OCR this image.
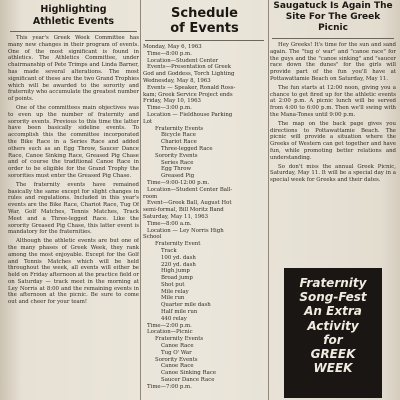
Highlighting
Athletic Events

This year's Greek Week Committee has many new changes in their program of events. One of the most significant is found in athletics. The Athletics Committee, under chairmanship of Pete Trimps and Linda Barner, has made several alterations. The most significant of these are the two Grand Trophies which will be awarded to the sorority and fraternity who accumulate the greatest number of points.

One of the committees main objectives was to even up the number of fraternity and sorority events. Previous to this time the latter have been basically sideline events. To accomplish this the committee incorporated the Bike Race in a Series Race and added others such as an Egg Throw, Saucer Dance Race, Canoe Sinking Race, Greased Pig Chase and of course the traditional Canoe Race in order to be eligible for the Grand Trophy the sororities must enter the Greased Pig Chase.

The fraternity events have remained basically the same except for slight changes in rules and regulations. Included in this year's events are the Bike Race, Chariot Race, Tug Of War, Golf Matches, Tennis Matches, Track Meet and a Three-legged Race. Like the sorority Greased Pig Chase, this latter event is mandatory for the fraternities.

Although the athletic events are but one of the many phases of Greek Week, they rank among the most enjoyable. Except for the Golf and Tennis Matches which will be held throughout the week, all events will either be held on Friday afternoon at the practice field or on Saturday — track meet in the morning at Ley Norris at 8:00 and the remaining events in the afternoon at the picnic. Be sure to come out and cheer for your team!

Schedule
of Events
Monday, May 6, 1963
Time—8:00 p.m.
Location—Student Center
Events—Presentation of Greek
God and Goddess, Torch Lighting
Wednesday, May 8, 1963
Events — Speaker, Ronald Ross-
kam; Greek Service Project ends
Friday, May 10, 1963
Time—3:00 p.m.
Location — Fieldhouse Parking
Lot
Fraternity Events
Bicycle Race
Chariot Race
Three-legged Race
Sorority Events
Series Race
Egg Throw
Greased Pig
Time—9:00-12:00 p.m.
Location—Student Center Ball-
room
Event—Greek Ball, August Hot
semi-formal, Bill Moritz Band
Saturday, May 11, 1963
Time—8:00 a.m.
Location — Ley Norris High
School
Fraternity Event
Track
100 yd. dash
220 yd. dash
High jump
Broad jump
Shot put
Mile relay
Mile run
Quarter mile dash
Half mile run
440 relay
Time—2:00 p.m.
Location—Picnic
Fraternity Events
Canoe Race
Tug O' War
Sorority Events
Canoe Race
Canoe Sinking Race
Saucer Dance Race
Time—7:00 p.m.
Saugatuck Is Again The
Site For The Greek Picnic

Hey Greeks! It's time for the sun and sand again. The "tug o' war" and "canoe race" for the guys and the "canoe sinking" and "saucer race down the dunes" for the girls will provide part of the fun you'll have at Pottawattamie Beach on Saturday, May 11.

The fun starts at 12:00 noon, giving you a chance to get fired up for the athletic events at 2:00 p.m. A picnic lunch will be served from 4:00 to 6:00 p.m. Then we'll swing with the Mana-Tones until 9:00 p.m.

The map on the back page gives you directions to Pottawattamie Beach. The picnic will provide a situation where the Greeks of Western can get together and have fun, while promoting better relations and understanding.

So don't miss the annual Greek Picnic, Saturday, May 11. It will be a special day in a special week for Greeks and their dates.

Fraternity
Song-Fest
An Extra
Activity
for
GREEK
WEEK
